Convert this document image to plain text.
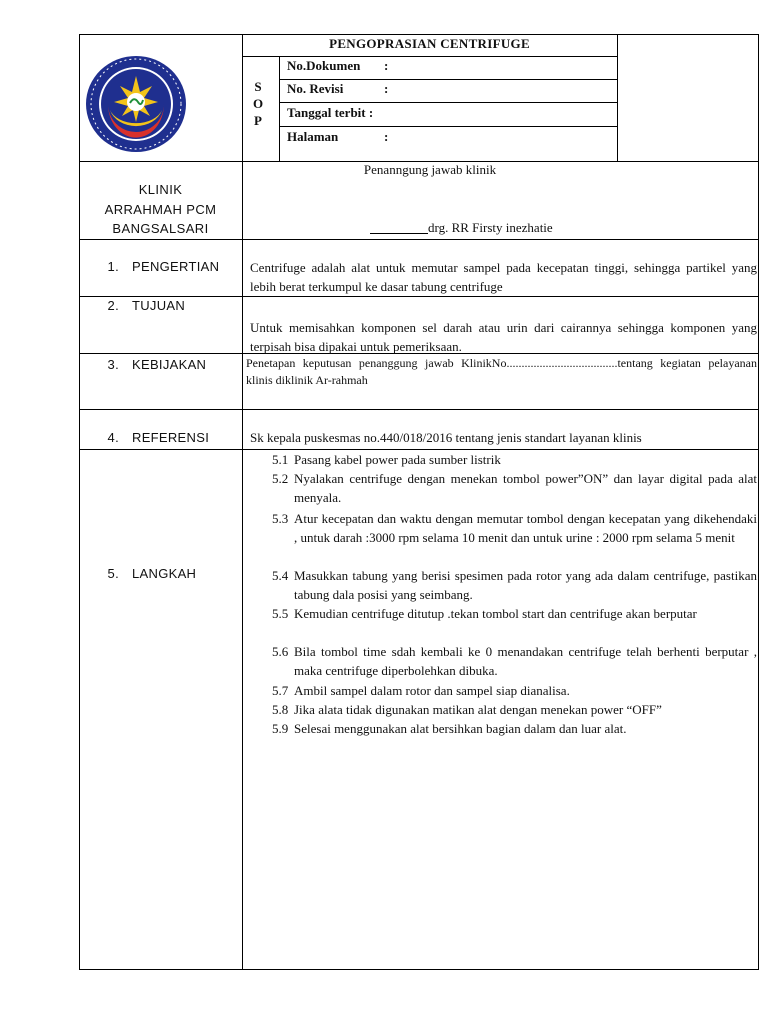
PENGOPRASIAN CENTRIFUGE
S
O
P
No.Dokumen :
No. Revisi	:
Tanggal terbit :
Halaman	:
KLINIK
ARRAHMAH PCM
BANGSALSARI
Penanngung jawab klinik
drg. RR Firsty inezhatie
1. PENGERTIAN
2. TUJUAN
3. KEBIJAKAN
4. REFERENSI
5. LANGKAH
Centrifuge adalah alat untuk memutar sampel pada kecepatan tinggi, sehingga partikel yang lebih berat terkumpul ke dasar tabung centrifuge
Untuk memisahkan komponen sel darah atau urin dari cairannya sehingga komponen yang terpisah bisa dipakai untuk pemeriksaan.
Penetapan keputusan penanggung jawab KlinikNo.....................................tentang kegiatan pelayanan klinis diklinik Ar-rahmah
Sk kepala puskesmas no.440/018/2016 tentang jenis standart layanan klinis
5.1 Pasang kabel power pada sumber listrik
5.2 Nyalakan centrifuge dengan menekan tombol power”ON” dan layar digital pada alat menyala.
5.3 Atur kecepatan dan waktu dengan memutar tombol dengan kecepatan yang dikehendaki , untuk darah :3000 rpm selama 10 menit dan untuk urine : 2000 rpm selama 5 menit
5.4 Masukkan tabung yang berisi spesimen pada rotor yang ada dalam centrifuge, pastikan tabung dala posisi yang seimbang.
5.5 Kemudian centrifuge ditutup .tekan tombol start dan centrifuge akan berputar
5.6 Bila tombol time sdah kembali ke 0 menandakan centrifuge telah berhenti berputar , maka centrifuge diperbolehkan dibuka.
5.7 Ambil sampel dalam rotor dan sampel siap dianalisa.
5.8 Jika alata tidak digunakan matikan alat dengan menekan power “OFF”
5.9 Selesai menggunakan alat bersihkan bagian dalam dan luar alat.
